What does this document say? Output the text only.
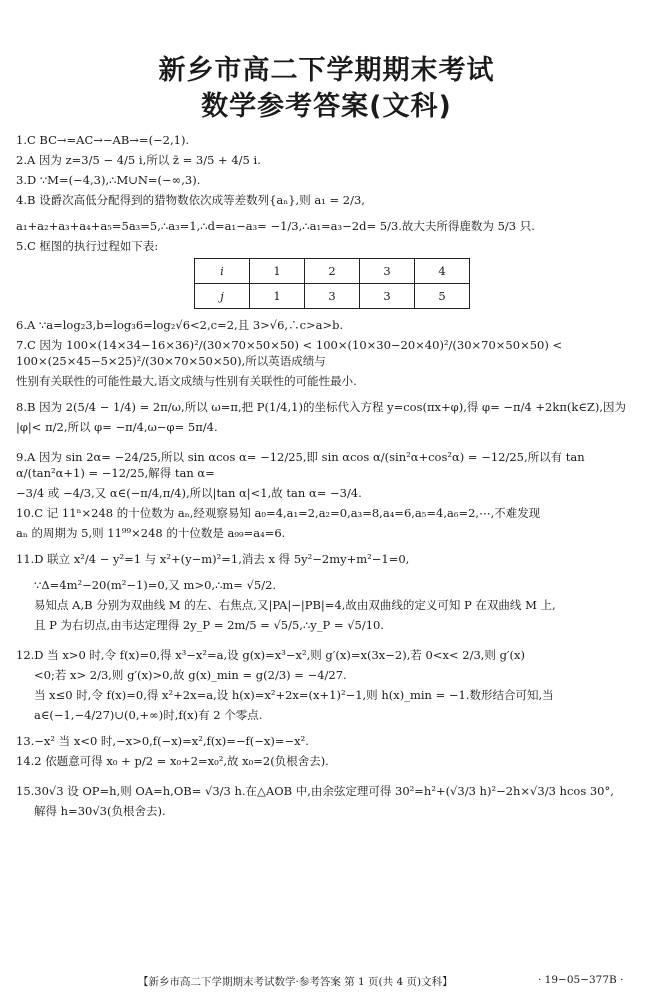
新乡市高二下学期期末考试
数学参考答案(文科)

1.C BC→=AC→−AB→=(−2,1).

2.A 因为 z=3/5 − 4/5 i,所以 z̄ = 3/5 + 4/5 i.

3.D ∵M=(−4,3),∴M∪N=(−∞,3).

4.B 设爵次高低分配得到的猎物数依次成等差数列{aₙ},则 a₁ = 2/3,

a₁+a₂+a₃+a₄+a₅=5a₃=5,∴a₃=1,∴d=a₁−a₃= −1/3,∴a₁=a₃−2d= 5/3.故大夫所得鹿数为 5/3 只.

5.C 框图的执行过程如下表:

i	1	2	3	4
j	1	3	3	5

6.A ∵a=log₂3,b=log₃6=log₂√6<2,c=2,且 3>√6,∴c>a>b.

7.C 因为 100×(14×34−16×36)²/(30×70×50×50) < 100×(10×30−20×40)²/(30×70×50×50) < 100×(25×45−5×25)²/(30×70×50×50),所以英语成绩与

性别有关联性的可能性最大,语文成绩与性别有关联性的可能性最小.

8.B 因为 2(5/4 − 1/4) = 2π/ω,所以 ω=π,把 P(1/4,1)的坐标代入方程 y=cos(πx+φ),得 φ= −π/4 +2kπ(k∈Z),因为

|φ|< π/2,所以 φ= −π/4,ω−φ= 5π/4.

9.A 因为 sin 2α= −24/25,所以 sin αcos α= −12/25,即 sin αcos α/(sin²α+cos²α) = −12/25,所以有 tan α/(tan²α+1) = −12/25,解得 tan α=

−3/4 或 −4/3,又 α∈(−π/4,π/4),所以|tan α|<1,故 tan α= −3/4.

10.C 记 11ⁿ×248 的十位数为 aₙ,经观察易知 a₀=4,a₁=2,a₂=0,a₃=8,a₄=6,a₅=4,a₆=2,⋯,不难发现

aₙ 的周期为 5,则 11⁹⁹×248 的十位数是 a₉₉=a₄=6.

11.D 联立 x²/4 − y²=1 与 x²+(y−m)²=1,消去 x 得 5y²−2my+m²−1=0,

∵Δ=4m²−20(m²−1)=0,又 m>0,∴m= √5/2.

易知点 A,B 分别为双曲线 M 的左、右焦点,又|PA|−|PB|=4,故由双曲线的定义可知 P 在双曲线 M 上,

且 P 为右切点,由韦达定理得 2y_P = 2m/5 = √5/5,∴y_P = √5/10.

12.D 当 x>0 时,令 f(x)=0,得 x³−x²=a,设 g(x)=x³−x²,则 g′(x)=x(3x−2),若 0<x< 2/3,则 g′(x)

<0;若 x> 2/3,则 g′(x)>0,故 g(x)_min = g(2/3) = −4/27.

当 x≤0 时,令 f(x)=0,得 x²+2x=a,设 h(x)=x²+2x=(x+1)²−1,则 h(x)_min = −1.数形结合可知,当

a∈(−1,−4/27)∪(0,+∞)时,f(x)有 2 个零点.

13.−x² 当 x<0 时,−x>0,f(−x)=x²,f(x)=−f(−x)=−x².

14.2 依题意可得 x₀ + p/2 = x₀+2=x₀²,故 x₀=2(负根舍去).

15.30√3 设 OP=h,则 OA=h,OB= √3/3 h.在△AOB 中,由余弦定理可得 30²=h²+(√3/3 h)²−2h×√3/3 hcos 30°,

解得 h=30√3(负根舍去).

【新乡市高二下学期期末考试数学·参考答案 第 1 页(共 4 页)文科】	· 19−05−377B ·
